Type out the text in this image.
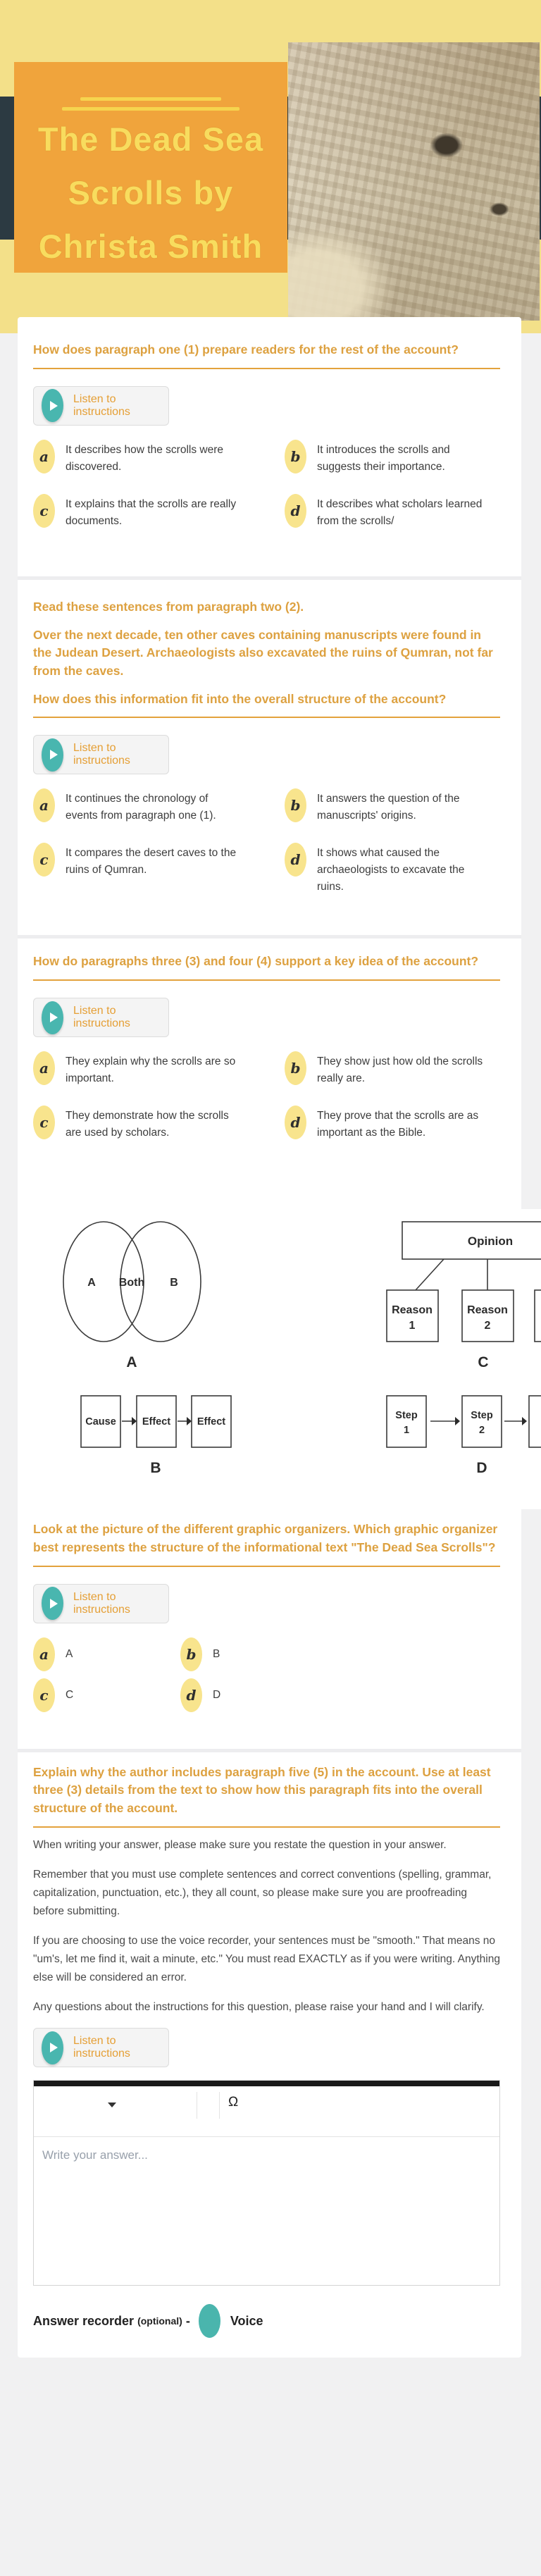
The Dead Sea
Scrolls by
Christa Smith
How does paragraph one (1) prepare readers for the rest of the account?
Listen to instructions
a	It describes how the scrolls were discovered.
b	It introduces the scrolls and suggests their importance.
c	It explains that the scrolls are really documents.
d	It describes what scholars learned from the scrolls/

Read these sentences from paragraph two (2).

Over the next decade, ten other caves containing manuscripts were found in the Judean Desert. Archaeologists also excavated the ruins of Qumran, not far from the caves.

How does this information fit into the overall structure of the account?

Listen to instructions
a	It continues the chronology of events from paragraph one (1).
b	It answers the question of the manuscripts' origins.
c	It compares the desert caves to the ruins of Qumran.
d	It shows what caused the archaeologists to excavate the ruins.
How do paragraphs three (3) and four (4) support a key idea of the account?
Listen to instructions
a	They explain why the scrolls are so important.
b	They show just how old the scrolls really are.
c	They demonstrate how the scrolls are used by scholars.
d	They prove that the scrolls are as important as the Bible.
A Both B
Opinion
Reason 1
Reason 2
Cause	Effect	Effect
Step 1
Step 2
A	C
B	D
Look at the picture of the different graphic organizers. Which graphic organizer best represents the structure of the informational text "The Dead Sea Scrolls"?
Listen to instructions
a	A	b	B
c	C	d	D
Explain why the author includes paragraph five (5) in the account. Use at least three (3) details from the text to show how this paragraph fits into the overall structure of the account.

When writing your answer, please make sure you restate the question in your answer.

Remember that you must use complete sentences and correct conventions (spelling, grammar, capitalization, punctuation, etc.), they all count, so please make sure you are proofreading before submitting.

If you are choosing to use the voice recorder, your sentences must be "smooth." That means no "um's, let me find it, wait a minute, etc." You must read EXACTLY as if you were writing. Anything else will be considered an error.

Any questions about the instructions for this question, please raise your hand and I will clarify.

Listen to instructions
Ω
Write your answer...
Answer recorder (optional) -	Voice
